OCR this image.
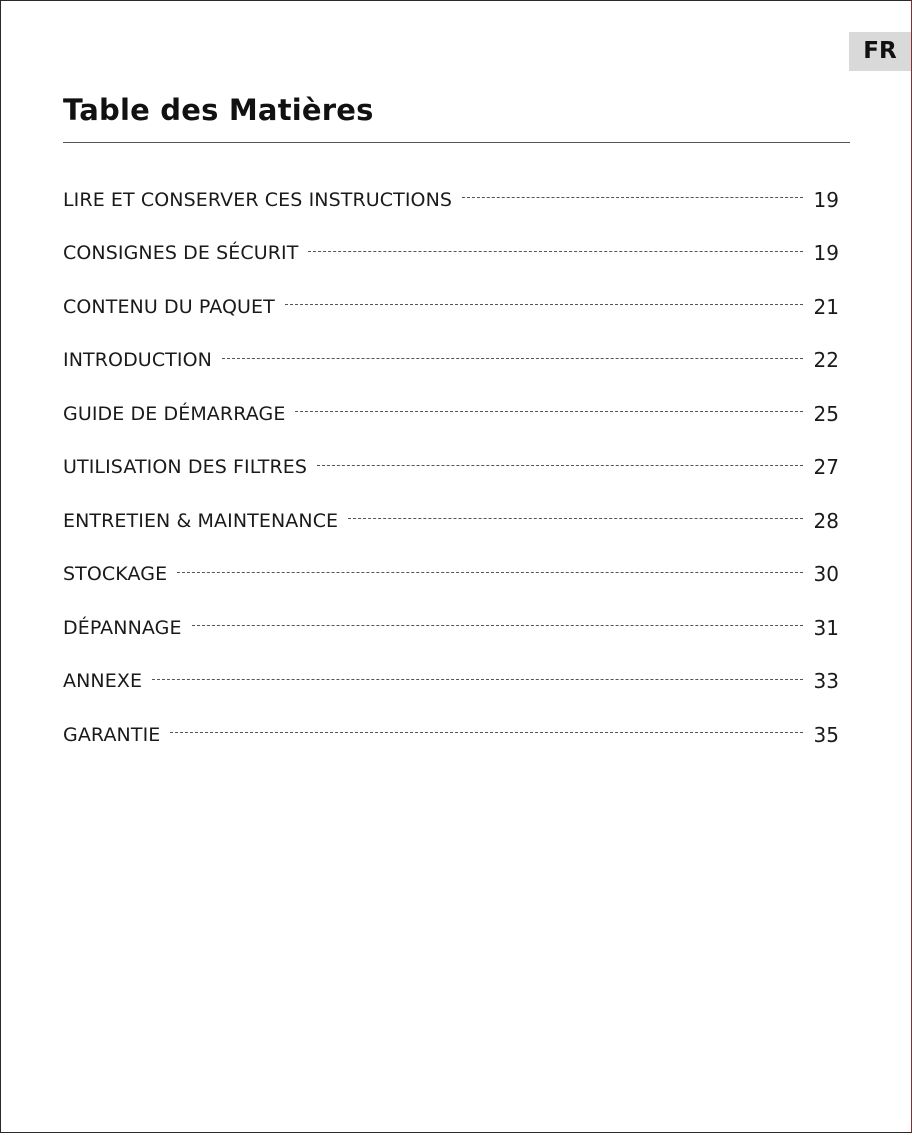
FR
Table des Matières
LIRE ET CONSERVER CES INSTRUCTIONS	19
CONSIGNES DE SÉCURIT	19
CONTENU DU PAQUET	21
INTRODUCTION	22
GUIDE DE DÉMARRAGE	25
UTILISATION DES FILTRES	27
ENTRETIEN & MAINTENANCE	28
STOCKAGE	30
DÉPANNAGE	31
ANNEXE	33
GARANTIE	35
